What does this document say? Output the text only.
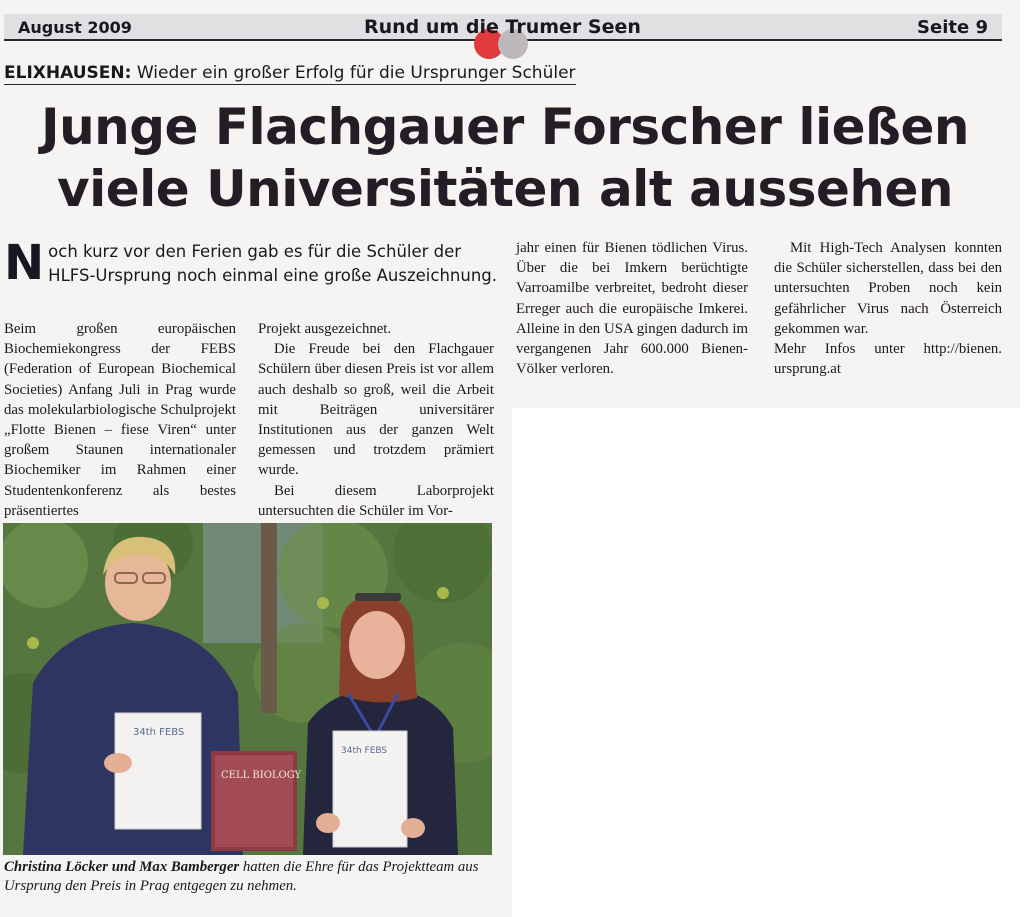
August 2009	Rund um die Trumer Seen	Seite 9
ELIXHAUSEN: Wieder ein großer Erfolg für die Ursprunger Schüler
Junge Flachgauer Forscher ließen
viele Universitäten alt aussehen
N och kurz vor den Ferien gab es für die Schüler der HLFS-Ursprung noch einmal eine große Auszeichnung.

Beim großen europäischen Biochemiekongress der FEBS (Federation of European Biochemical Societies) Anfang Juli in Prag wurde das molekularbiologische Schulprojekt „Flotte Bienen – fiese Viren“ unter großem Staunen internationaler Biochemiker im Rahmen einer Studentenkonferenz als bestes präsentiertes

Projekt ausgezeichnet.

Die Freude bei den Flachgauer Schülern über diesen Preis ist vor allem auch deshalb so groß, weil die Arbeit mit Beiträgen universitärer Institutionen aus der ganzen Welt gemessen und trotzdem prämiert wurde.

Bei diesem Laborprojekt untersuchten die Schüler im Vor-

jahr einen für Bienen tödlichen Virus. Über die bei Imkern berüchtigte Varroamilbe verbreitet, bedroht dieser Erreger auch die europäische Imkerei. Alleine in den USA gingen dadurch im vergangenen Jahr 600.000 Bienen-Völker verloren.

Mit High-Tech Analysen konnten die Schüler sicherstellen, dass bei den untersuchten Proben noch kein gefährlicher Virus nach Österreich gekommen war.

Mehr Infos unter http://bienen. ursprung.at

34th FEBS
CELL BIOLOGY
34th FEBS
Christina Löcker und Max Bamberger hatten die Ehre für das Projektteam aus Ursprung den Preis in Prag entgegen zu nehmen.
